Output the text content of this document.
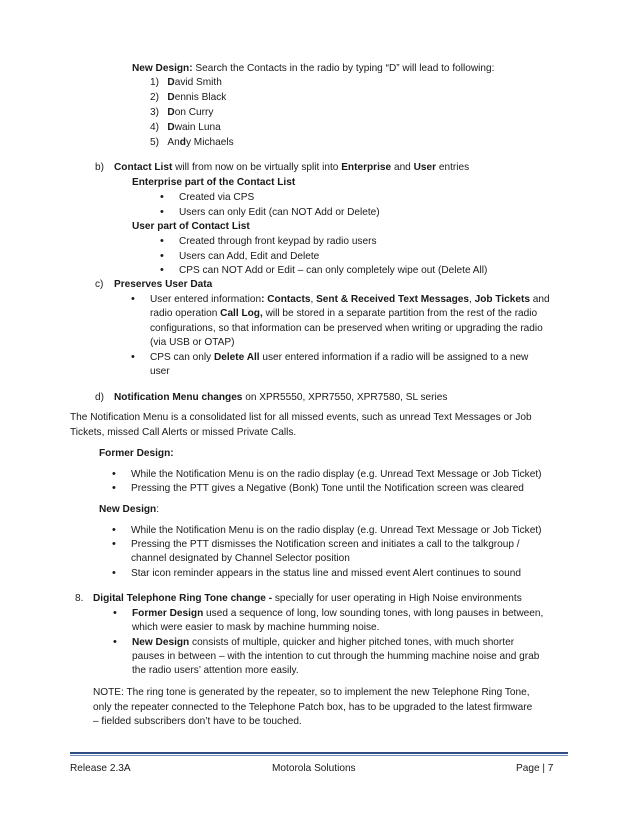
New Design: Search the Contacts in the radio by typing “D” will lead to following:
1) David Smith
2) Dennis Black
3) Don Curry
4) Dwain Luna
5) Andy Michaels
b) Contact List will from now on be virtually split into Enterprise and User entries
Enterprise part of the Contact List
• Created via CPS
• Users can only Edit (can NOT Add or Delete)
User part of Contact List
• Created through front keypad by radio users
• Users can Add, Edit and Delete
• CPS can NOT Add or Edit – can only completely wipe out (Delete All)
c) Preserves User Data
• User entered information: Contacts, Sent & Received Text Messages, Job Tickets and
radio operation Call Log, will be stored in a separate partition from the rest of the radio
configurations, so that information can be preserved when writing or upgrading the radio
(via USB or OTAP)
• CPS can only Delete All user entered information if a radio will be assigned to a new
user
d) Notification Menu changes on XPR5550, XPR7550, XPR7580, SL series
The Notification Menu is a consolidated list for all missed events, such as unread Text Messages or Job
Tickets, missed Call Alerts or missed Private Calls.
Former Design:
• While the Notification Menu is on the radio display (e.g. Unread Text Message or Job Ticket)
• Pressing the PTT gives a Negative (Bonk) Tone until the Notification screen was cleared
New Design:
• While the Notification Menu is on the radio display (e.g. Unread Text Message or Job Ticket)
• Pressing the PTT dismisses the Notification screen and initiates a call to the talkgroup /
channel designated by Channel Selector position
• Star icon reminder appears in the status line and missed event Alert continues to sound
8. Digital Telephone Ring Tone change - specially for user operating in High Noise environments
• Former Design used a sequence of long, low sounding tones, with long pauses in between,
which were easier to mask by machine humming noise.
• New Design consists of multiple, quicker and higher pitched tones, with much shorter
pauses in between – with the intention to cut through the humming machine noise and grab
the radio users’ attention more easily.
NOTE: The ring tone is generated by the repeater, so to implement the new Telephone Ring Tone,
only the repeater connected to the Telephone Patch box, has to be upgraded to the latest firmware
– fielded subscribers don’t have to be touched.
Release 2.3A	Motorola Solutions	Page | 7
